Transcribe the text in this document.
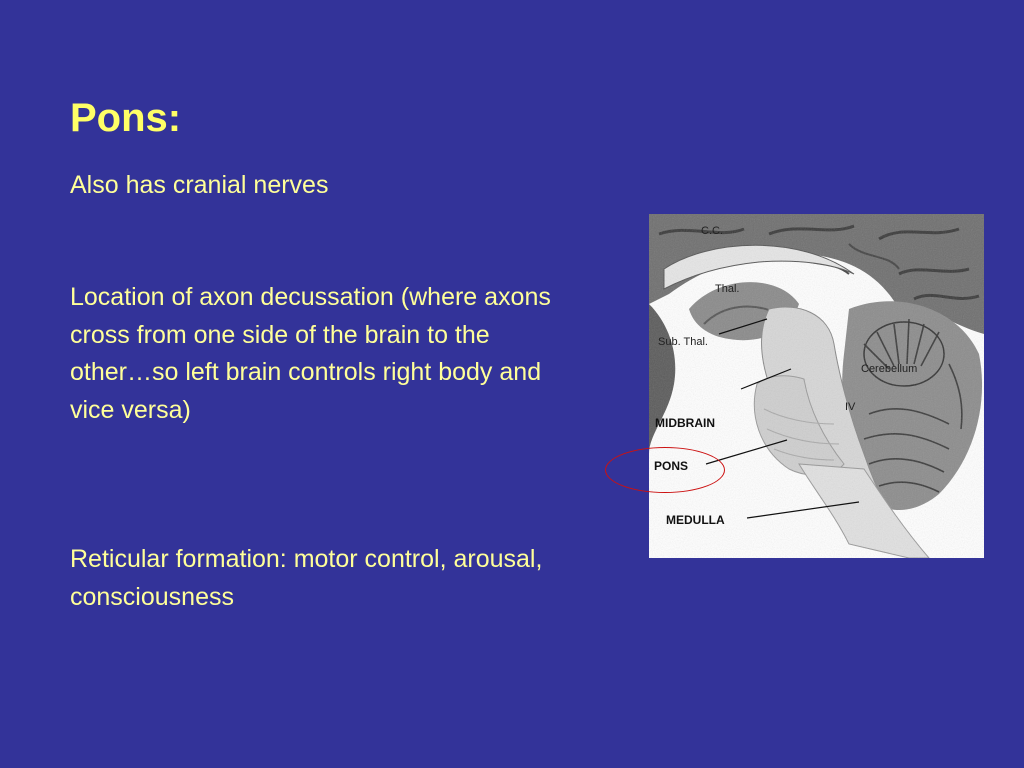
Pons:

Also has cranial nerves

Location of axon decussation (where axons cross from one side of the brain to the other…so left brain controls right body and vice versa)

Reticular formation: motor control, arousal, consciousness

C.C.
Thal.
Sub. Thal.
Cerebellum
IV
MIDBRAIN
PONS
MEDULLA
